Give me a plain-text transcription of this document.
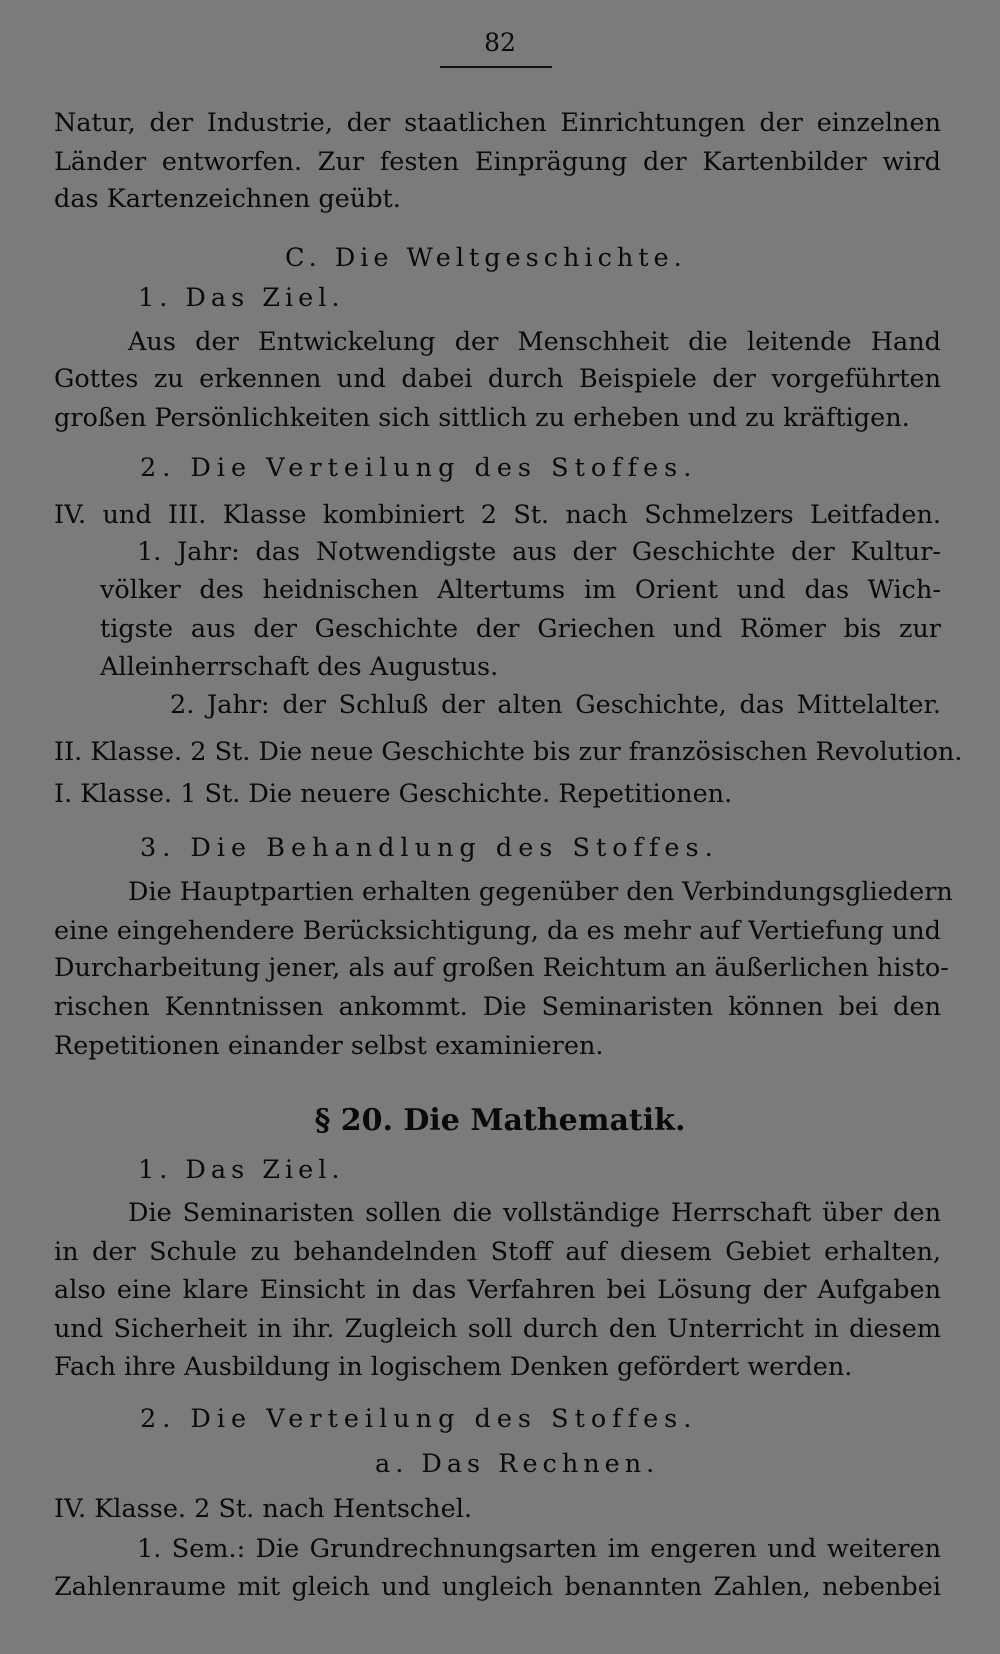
82
Natur, der Industrie, der staatlichen Einrichtungen der einzelnen
Länder entworfen. Zur festen Einprägung der Kartenbilder wird
das Kartenzeichnen geübt.
C. Die Weltgeschichte.
1. Das Ziel.
Aus der Entwickelung der Menschheit die leitende Hand
Gottes zu erkennen und dabei durch Beispiele der vorgeführten
großen Persönlichkeiten sich sittlich zu erheben und zu kräftigen.
2. Die Verteilung des Stoffes.
IV. und III. Klasse kombiniert 2 St. nach Schmelzers Leitfaden.
1. Jahr: das Notwendigste aus der Geschichte der Kultur-
völker des heidnischen Altertums im Orient und das Wich-
tigste aus der Geschichte der Griechen und Römer bis zur
Alleinherrschaft des Augustus.
2. Jahr: der Schluß der alten Geschichte, das Mittelalter.
II. Klasse. 2 St. Die neue Geschichte bis zur französischen Revolution.
I. Klasse. 1 St. Die neuere Geschichte. Repetitionen.
3. Die Behandlung des Stoffes.
Die Hauptpartien erhalten gegenüber den Verbindungsgliedern
eine eingehendere Berücksichtigung, da es mehr auf Vertiefung und
Durcharbeitung jener, als auf großen Reichtum an äußerlichen histo-
rischen Kenntnissen ankommt. Die Seminaristen können bei den
Repetitionen einander selbst examinieren.
§ 20. Die Mathematik.
1. Das Ziel.
Die Seminaristen sollen die vollständige Herrschaft über den
in der Schule zu behandelnden Stoff auf diesem Gebiet erhalten,
also eine klare Einsicht in das Verfahren bei Lösung der Aufgaben
und Sicherheit in ihr. Zugleich soll durch den Unterricht in diesem
Fach ihre Ausbildung in logischem Denken gefördert werden.
2. Die Verteilung des Stoffes.
a. Das Rechnen.
IV. Klasse. 2 St. nach Hentschel.
1. Sem.: Die Grundrechnungsarten im engeren und weiteren
Zahlenraume mit gleich und ungleich benannten Zahlen, nebenbei
